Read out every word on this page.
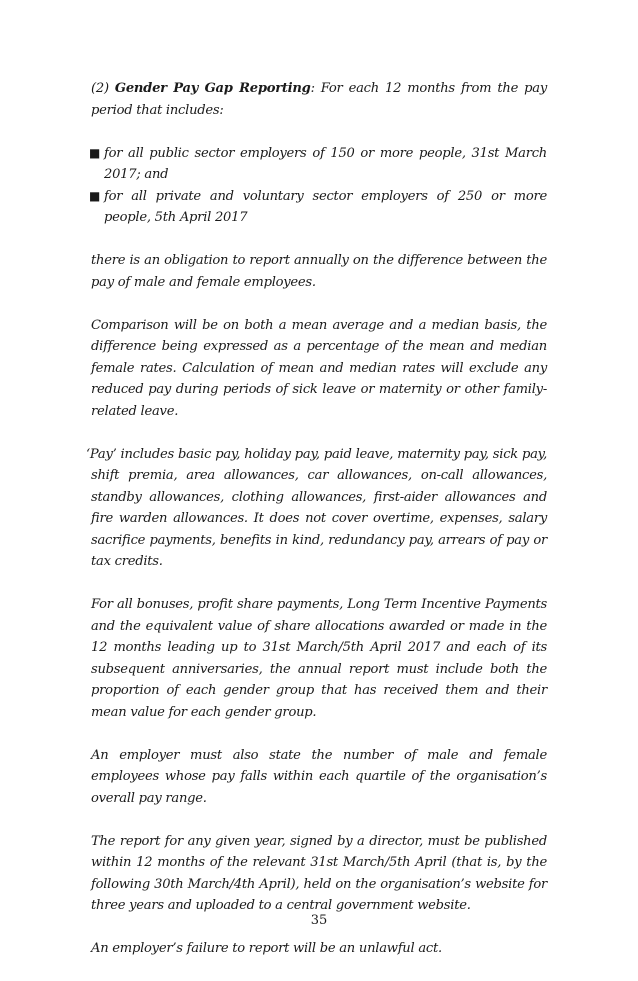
(2) Gender Pay Gap Reporting: For each 12 months from the pay period that includes:

■ for all public sector employers of 150 or more people, 31st March 2017; and
■ for all private and voluntary sector employers of 250 or more people, 5th April 2017

there is an obligation to report annually on the difference between the pay of male and female employees.

Comparison will be on both a mean average and a median basis, the difference being expressed as a percentage of the mean and median female rates. Calculation of mean and median rates will exclude any reduced pay during periods of sick leave or maternity or other family-related leave.

‘Pay’ includes basic pay, holiday pay, paid leave, maternity pay, sick pay, shift premia, area allowances, car allowances, on-call allowances, standby allowances, clothing allowances, first-aider allowances and fire warden allowances. It does not cover overtime, expenses, salary sacrifice payments, benefits in kind, redundancy pay, arrears of pay or tax credits.

For all bonuses, profit share payments, Long Term Incentive Payments and the equivalent value of share allocations awarded or made in the 12 months leading up to 31st March/5th April 2017 and each of its subsequent anniversaries, the annual report must include both the proportion of each gender group that has received them and their mean value for each gender group.

An employer must also state the number of male and female employees whose pay falls within each quartile of the organisation’s overall pay range.

The report for any given year, signed by a director, must be published within 12 months of the relevant 31st March/5th April (that is, by the following 30th March/4th April), held on the organisation’s website for three years and uploaded to a central government website.

An employer’s failure to report will be an unlawful act.

35
